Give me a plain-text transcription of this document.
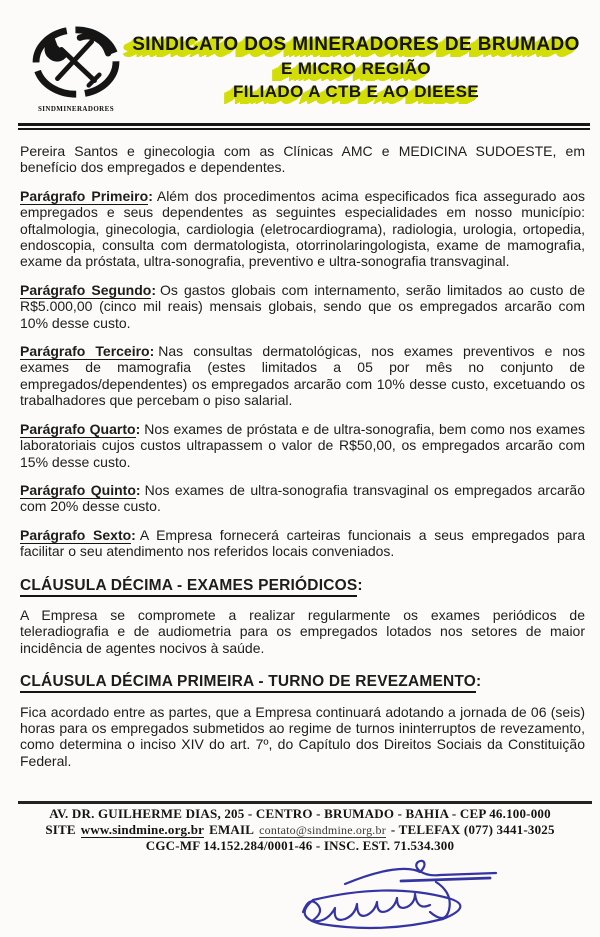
SINDMINERADORES
SINDICATO DOS MINERADORES DE BRUMADO
E MICRO REGIÃO
FILIADO A CTB E AO DIEESE

Pereira Santos e ginecologia com as Clínicas AMC e MEDICINA SUDOESTE, em benefício dos empregados e dependentes.

Parágrafo Primeiro: Além dos procedimentos acima especificados fica assegurado aos empregados e seus dependentes as seguintes especialidades em nosso município: oftalmologia, ginecologia, cardiologia (eletrocardiograma), radiologia, urologia, ortopedia, endoscopia, consulta com dermatologista, otorrinolaringologista, exame de mamografia, exame da próstata, ultra-sonografia, preventivo e ultra-sonografia transvaginal.

Parágrafo Segundo: Os gastos globais com internamento, serão limitados ao custo de R$5.000,00 (cinco mil reais) mensais globais, sendo que os empregados arcarão com 10% desse custo.

Parágrafo Terceiro: Nas consultas dermatológicas, nos exames preventivos e nos exames de mamografia (estes limitados a 05 por mês no conjunto de empregados/dependentes) os empregados arcarão com 10% desse custo, excetuando os trabalhadores que percebam o piso salarial.

Parágrafo Quarto: Nos exames de próstata e de ultra-sonografia, bem como nos exames laboratoriais cujos custos ultrapassem o valor de R$50,00, os empregados arcarão com 15% desse custo.

Parágrafo Quinto: Nos exames de ultra-sonografia transvaginal os empregados arcarão com 20% desse custo.

Parágrafo Sexto: A Empresa fornecerá carteiras funcionais a seus empregados para facilitar o seu atendimento nos referidos locais conveniados.

CLÁUSULA DÉCIMA - EXAMES PERIÓDICOS:

A Empresa se compromete a realizar regularmente os exames periódicos de teleradiografia e de audiometria para os empregados lotados nos setores de maior incidência de agentes nocivos à saúde.

CLÁUSULA DÉCIMA PRIMEIRA - TURNO DE REVEZAMENTO:

Fica acordado entre as partes, que a Empresa continuará adotando a jornada de 06 (seis) horas para os empregados submetidos ao regime de turnos ininterruptos de revezamento, como determina o inciso XIV do art. 7º, do Capítulo dos Direitos Sociais da Constituição Federal.

AV. DR. GUILHERME DIAS, 205 - CENTRO - BRUMADO - BAHIA - CEP 46.100-000
SITE www.sindmine.org.br EMAIL contato@sindmine.org.br - TELEFAX (077) 3441-3025
CGC-MF 14.152.284/0001-46 - INSC. EST. 71.534.300
